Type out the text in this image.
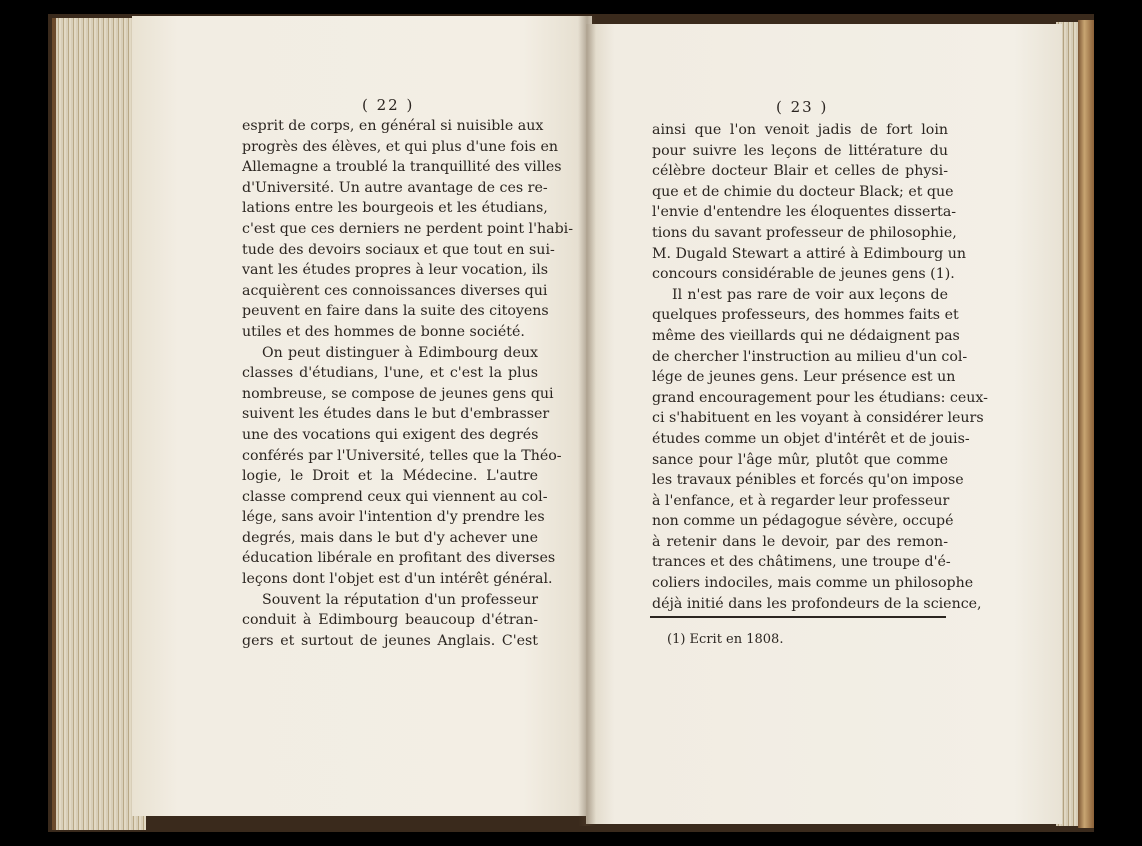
( 22 )	( 23 )
esprit de corps, en général si nuisible aux
progrès des élèves, et qui plus d'une fois en
Allemagne a troublé la tranquillité des villes
d'Université. Un autre avantage de ces re-
lations entre les bourgeois et les étudians,
c'est que ces derniers ne perdent point l'habi-
tude des devoirs sociaux et que tout en sui-
vant les études propres à leur vocation, ils
acquièrent ces connoissances diverses qui
peuvent en faire dans la suite des citoyens
utiles et des hommes de bonne société.
On peut distinguer à Edimbourg deux
classes d'étudians, l'une, et c'est la plus
nombreuse, se compose de jeunes gens qui
suivent les études dans le but d'embrasser
une des vocations qui exigent des degrés
conférés par l'Université, telles que la Théo-
logie, le Droit et la Médecine. L'autre
classe comprend ceux qui viennent au col-
lége, sans avoir l'intention d'y prendre les
degrés, mais dans le but d'y achever une
éducation libérale en profitant des diverses
leçons dont l'objet est d'un intérêt général.
Souvent la réputation d'un professeur
conduit à Edimbourg beaucoup d'étran-
gers et surtout de jeunes Anglais. C'est
ainsi que l'on venoit jadis de fort loin
pour suivre les leçons de littérature du
célèbre docteur Blair et celles de physi-
que et de chimie du docteur Black; et que
l'envie d'entendre les éloquentes disserta-
tions du savant professeur de philosophie,
M. Dugald Stewart a attiré à Edimbourg un
concours considérable de jeunes gens (1).
Il n'est pas rare de voir aux leçons de
quelques professeurs, des hommes faits et
même des vieillards qui ne dédaignent pas
de chercher l'instruction au milieu d'un col-
lége de jeunes gens. Leur présence est un
grand encouragement pour les étudians: ceux-
ci s'habituent en les voyant à considérer leurs
études comme un objet d'intérêt et de jouis-
sance pour l'âge mûr, plutôt que comme
les travaux pénibles et forcés qu'on impose
à l'enfance, et à regarder leur professeur
non comme un pédagogue sévère, occupé
à retenir dans le devoir, par des remon-
trances et des châtimens, une troupe d'é-
coliers indociles, mais comme un philosophe
déjà initié dans les profondeurs de la science,
(1) Ecrit en 1808.
